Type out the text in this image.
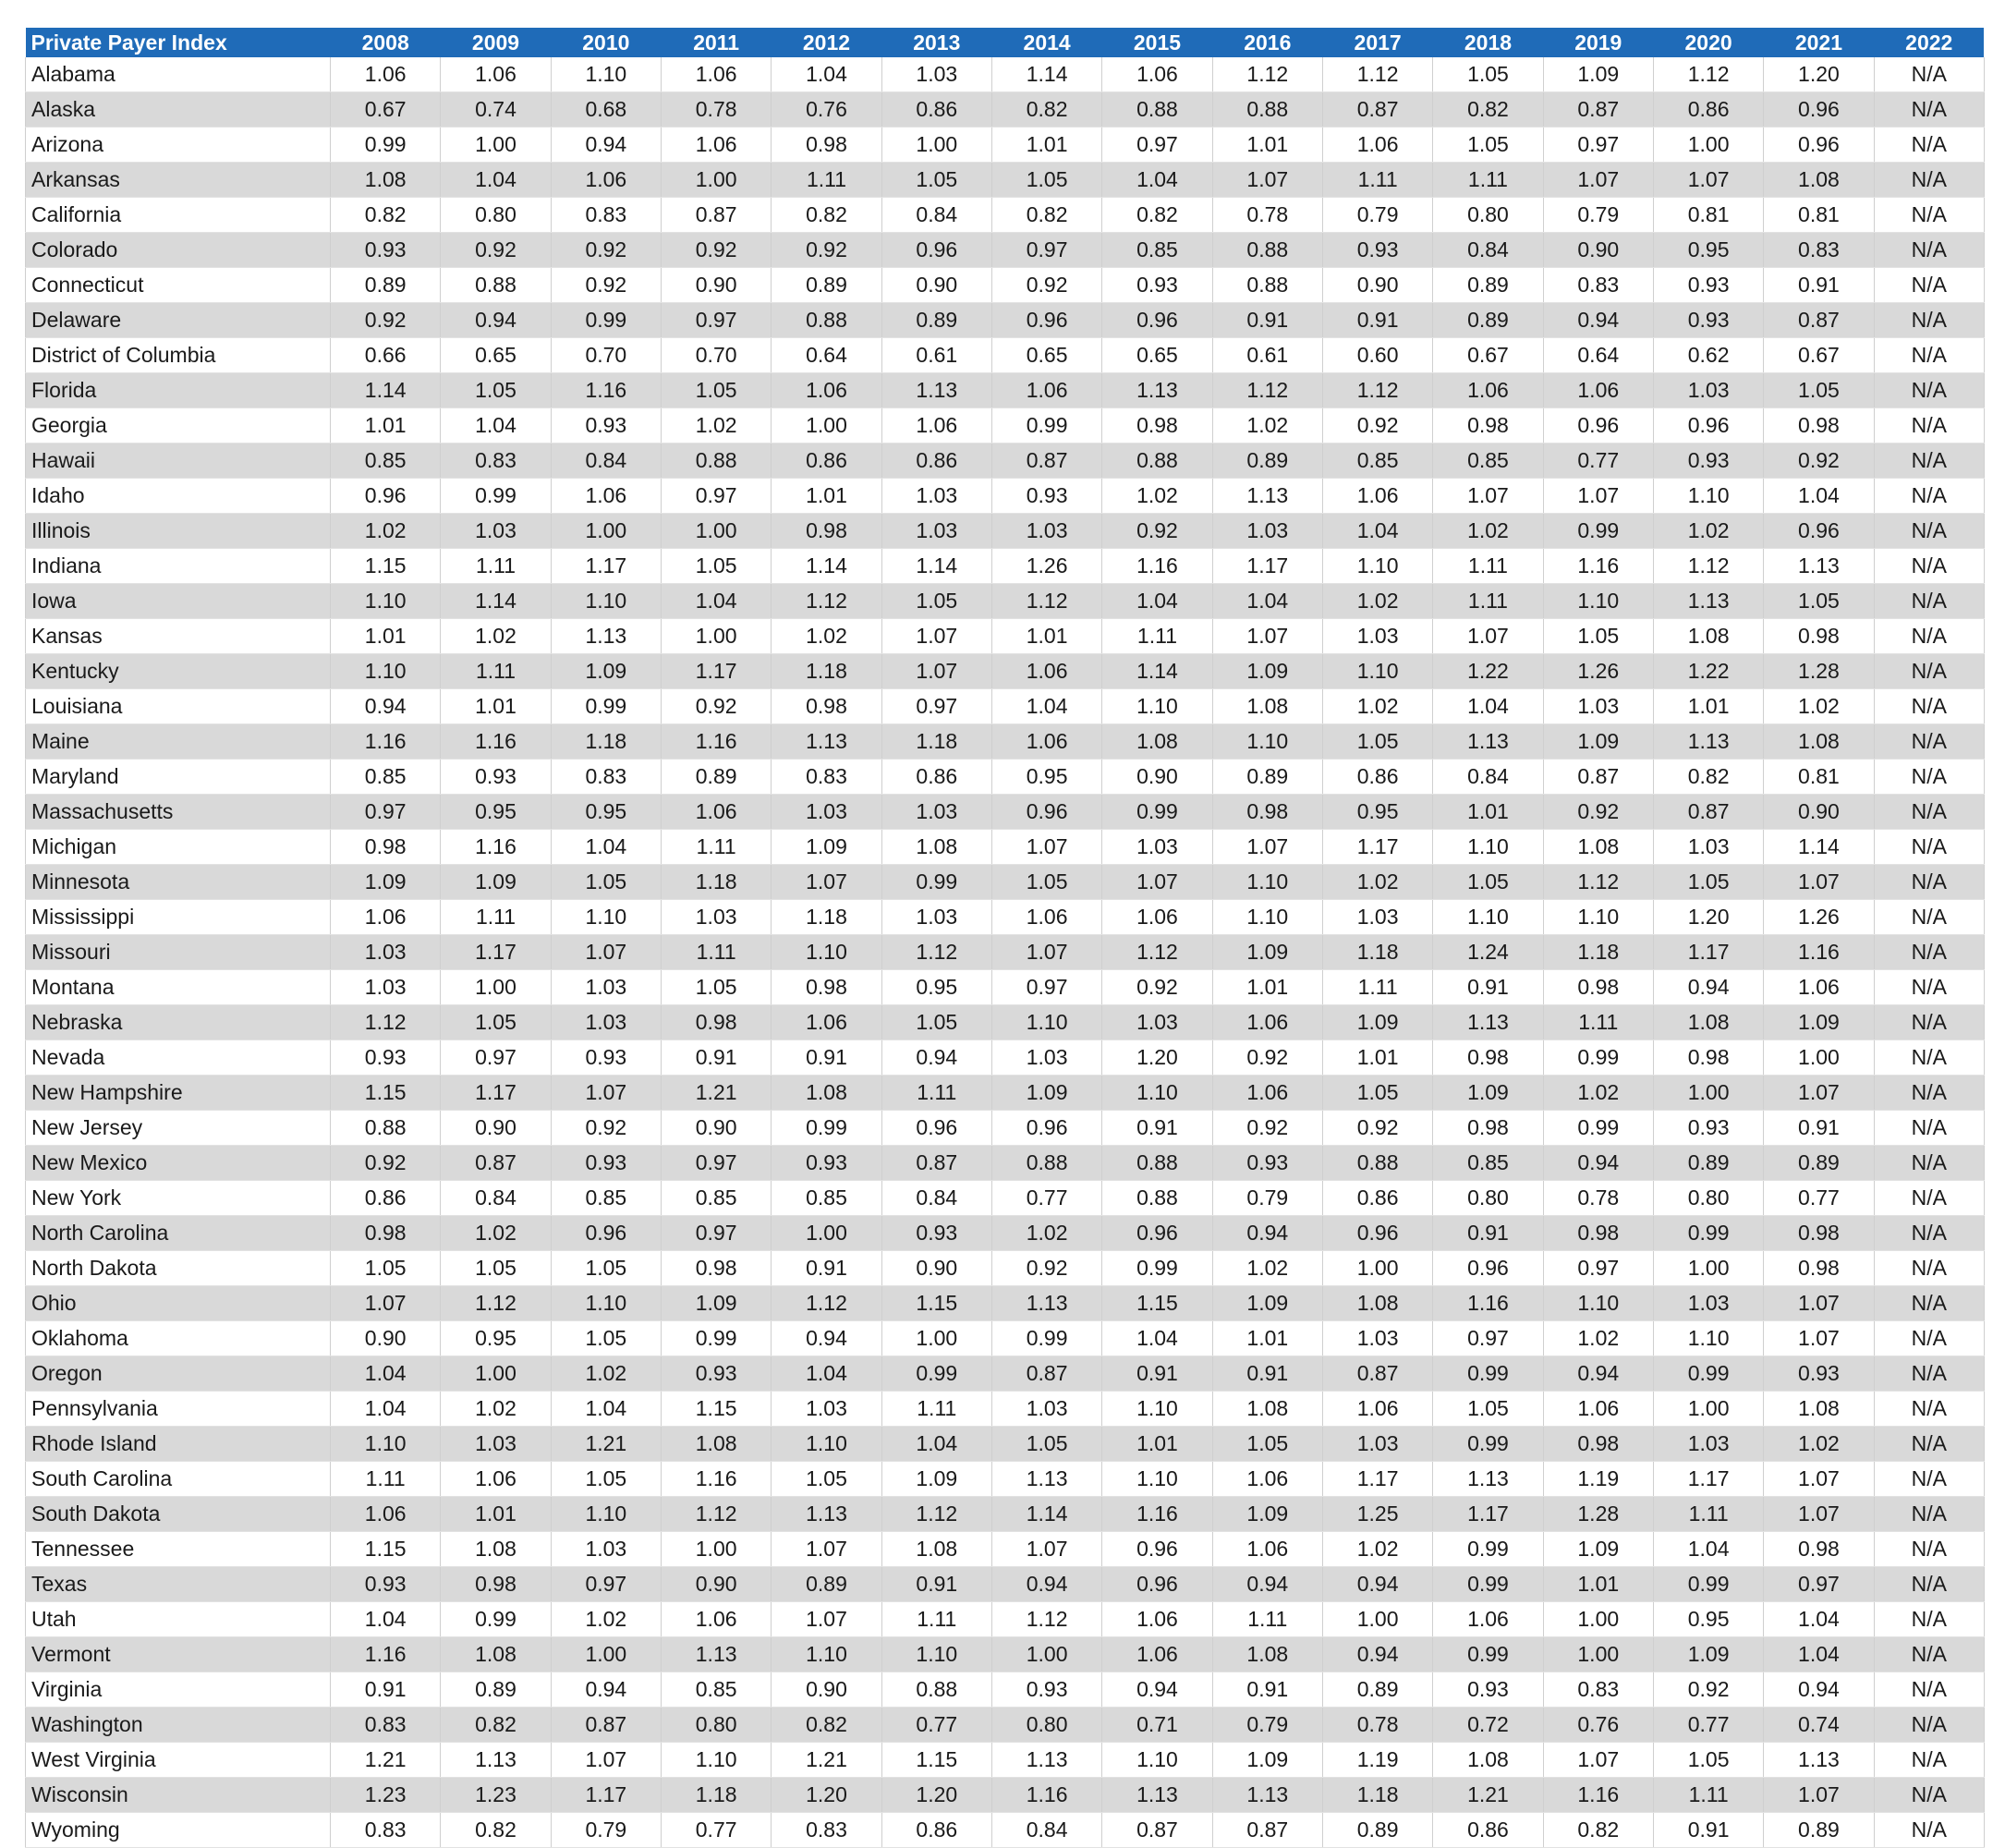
Private Payer Index	2008	2009	2010	2011	2012	2013	2014	2015	2016	2017	2018	2019	2020	2021	2022
Alabama	1.06	1.06	1.10	1.06	1.04	1.03	1.14	1.06	1.12	1.12	1.05	1.09	1.12	1.20	N/A
Alaska	0.67	0.74	0.68	0.78	0.76	0.86	0.82	0.88	0.88	0.87	0.82	0.87	0.86	0.96	N/A
Arizona	0.99	1.00	0.94	1.06	0.98	1.00	1.01	0.97	1.01	1.06	1.05	0.97	1.00	0.96	N/A
Arkansas	1.08	1.04	1.06	1.00	1.11	1.05	1.05	1.04	1.07	1.11	1.11	1.07	1.07	1.08	N/A
California	0.82	0.80	0.83	0.87	0.82	0.84	0.82	0.82	0.78	0.79	0.80	0.79	0.81	0.81	N/A
Colorado	0.93	0.92	0.92	0.92	0.92	0.96	0.97	0.85	0.88	0.93	0.84	0.90	0.95	0.83	N/A
Connecticut	0.89	0.88	0.92	0.90	0.89	0.90	0.92	0.93	0.88	0.90	0.89	0.83	0.93	0.91	N/A
Delaware	0.92	0.94	0.99	0.97	0.88	0.89	0.96	0.96	0.91	0.91	0.89	0.94	0.93	0.87	N/A
District of Columbia	0.66	0.65	0.70	0.70	0.64	0.61	0.65	0.65	0.61	0.60	0.67	0.64	0.62	0.67	N/A
Florida	1.14	1.05	1.16	1.05	1.06	1.13	1.06	1.13	1.12	1.12	1.06	1.06	1.03	1.05	N/A
Georgia	1.01	1.04	0.93	1.02	1.00	1.06	0.99	0.98	1.02	0.92	0.98	0.96	0.96	0.98	N/A
Hawaii	0.85	0.83	0.84	0.88	0.86	0.86	0.87	0.88	0.89	0.85	0.85	0.77	0.93	0.92	N/A
Idaho	0.96	0.99	1.06	0.97	1.01	1.03	0.93	1.02	1.13	1.06	1.07	1.07	1.10	1.04	N/A
Illinois	1.02	1.03	1.00	1.00	0.98	1.03	1.03	0.92	1.03	1.04	1.02	0.99	1.02	0.96	N/A
Indiana	1.15	1.11	1.17	1.05	1.14	1.14	1.26	1.16	1.17	1.10	1.11	1.16	1.12	1.13	N/A
Iowa	1.10	1.14	1.10	1.04	1.12	1.05	1.12	1.04	1.04	1.02	1.11	1.10	1.13	1.05	N/A
Kansas	1.01	1.02	1.13	1.00	1.02	1.07	1.01	1.11	1.07	1.03	1.07	1.05	1.08	0.98	N/A
Kentucky	1.10	1.11	1.09	1.17	1.18	1.07	1.06	1.14	1.09	1.10	1.22	1.26	1.22	1.28	N/A
Louisiana	0.94	1.01	0.99	0.92	0.98	0.97	1.04	1.10	1.08	1.02	1.04	1.03	1.01	1.02	N/A
Maine	1.16	1.16	1.18	1.16	1.13	1.18	1.06	1.08	1.10	1.05	1.13	1.09	1.13	1.08	N/A
Maryland	0.85	0.93	0.83	0.89	0.83	0.86	0.95	0.90	0.89	0.86	0.84	0.87	0.82	0.81	N/A
Massachusetts	0.97	0.95	0.95	1.06	1.03	1.03	0.96	0.99	0.98	0.95	1.01	0.92	0.87	0.90	N/A
Michigan	0.98	1.16	1.04	1.11	1.09	1.08	1.07	1.03	1.07	1.17	1.10	1.08	1.03	1.14	N/A
Minnesota	1.09	1.09	1.05	1.18	1.07	0.99	1.05	1.07	1.10	1.02	1.05	1.12	1.05	1.07	N/A
Mississippi	1.06	1.11	1.10	1.03	1.18	1.03	1.06	1.06	1.10	1.03	1.10	1.10	1.20	1.26	N/A
Missouri	1.03	1.17	1.07	1.11	1.10	1.12	1.07	1.12	1.09	1.18	1.24	1.18	1.17	1.16	N/A
Montana	1.03	1.00	1.03	1.05	0.98	0.95	0.97	0.92	1.01	1.11	0.91	0.98	0.94	1.06	N/A
Nebraska	1.12	1.05	1.03	0.98	1.06	1.05	1.10	1.03	1.06	1.09	1.13	1.11	1.08	1.09	N/A
Nevada	0.93	0.97	0.93	0.91	0.91	0.94	1.03	1.20	0.92	1.01	0.98	0.99	0.98	1.00	N/A
New Hampshire	1.15	1.17	1.07	1.21	1.08	1.11	1.09	1.10	1.06	1.05	1.09	1.02	1.00	1.07	N/A
New Jersey	0.88	0.90	0.92	0.90	0.99	0.96	0.96	0.91	0.92	0.92	0.98	0.99	0.93	0.91	N/A
New Mexico	0.92	0.87	0.93	0.97	0.93	0.87	0.88	0.88	0.93	0.88	0.85	0.94	0.89	0.89	N/A
New York	0.86	0.84	0.85	0.85	0.85	0.84	0.77	0.88	0.79	0.86	0.80	0.78	0.80	0.77	N/A
North Carolina	0.98	1.02	0.96	0.97	1.00	0.93	1.02	0.96	0.94	0.96	0.91	0.98	0.99	0.98	N/A
North Dakota	1.05	1.05	1.05	0.98	0.91	0.90	0.92	0.99	1.02	1.00	0.96	0.97	1.00	0.98	N/A
Ohio	1.07	1.12	1.10	1.09	1.12	1.15	1.13	1.15	1.09	1.08	1.16	1.10	1.03	1.07	N/A
Oklahoma	0.90	0.95	1.05	0.99	0.94	1.00	0.99	1.04	1.01	1.03	0.97	1.02	1.10	1.07	N/A
Oregon	1.04	1.00	1.02	0.93	1.04	0.99	0.87	0.91	0.91	0.87	0.99	0.94	0.99	0.93	N/A
Pennsylvania	1.04	1.02	1.04	1.15	1.03	1.11	1.03	1.10	1.08	1.06	1.05	1.06	1.00	1.08	N/A
Rhode Island	1.10	1.03	1.21	1.08	1.10	1.04	1.05	1.01	1.05	1.03	0.99	0.98	1.03	1.02	N/A
South Carolina	1.11	1.06	1.05	1.16	1.05	1.09	1.13	1.10	1.06	1.17	1.13	1.19	1.17	1.07	N/A
South Dakota	1.06	1.01	1.10	1.12	1.13	1.12	1.14	1.16	1.09	1.25	1.17	1.28	1.11	1.07	N/A
Tennessee	1.15	1.08	1.03	1.00	1.07	1.08	1.07	0.96	1.06	1.02	0.99	1.09	1.04	0.98	N/A
Texas	0.93	0.98	0.97	0.90	0.89	0.91	0.94	0.96	0.94	0.94	0.99	1.01	0.99	0.97	N/A
Utah	1.04	0.99	1.02	1.06	1.07	1.11	1.12	1.06	1.11	1.00	1.06	1.00	0.95	1.04	N/A
Vermont	1.16	1.08	1.00	1.13	1.10	1.10	1.00	1.06	1.08	0.94	0.99	1.00	1.09	1.04	N/A
Virginia	0.91	0.89	0.94	0.85	0.90	0.88	0.93	0.94	0.91	0.89	0.93	0.83	0.92	0.94	N/A
Washington	0.83	0.82	0.87	0.80	0.82	0.77	0.80	0.71	0.79	0.78	0.72	0.76	0.77	0.74	N/A
West Virginia	1.21	1.13	1.07	1.10	1.21	1.15	1.13	1.10	1.09	1.19	1.08	1.07	1.05	1.13	N/A
Wisconsin	1.23	1.23	1.17	1.18	1.20	1.20	1.16	1.13	1.13	1.18	1.21	1.16	1.11	1.07	N/A
Wyoming	0.83	0.82	0.79	0.77	0.83	0.86	0.84	0.87	0.87	0.89	0.86	0.82	0.91	0.89	N/A
